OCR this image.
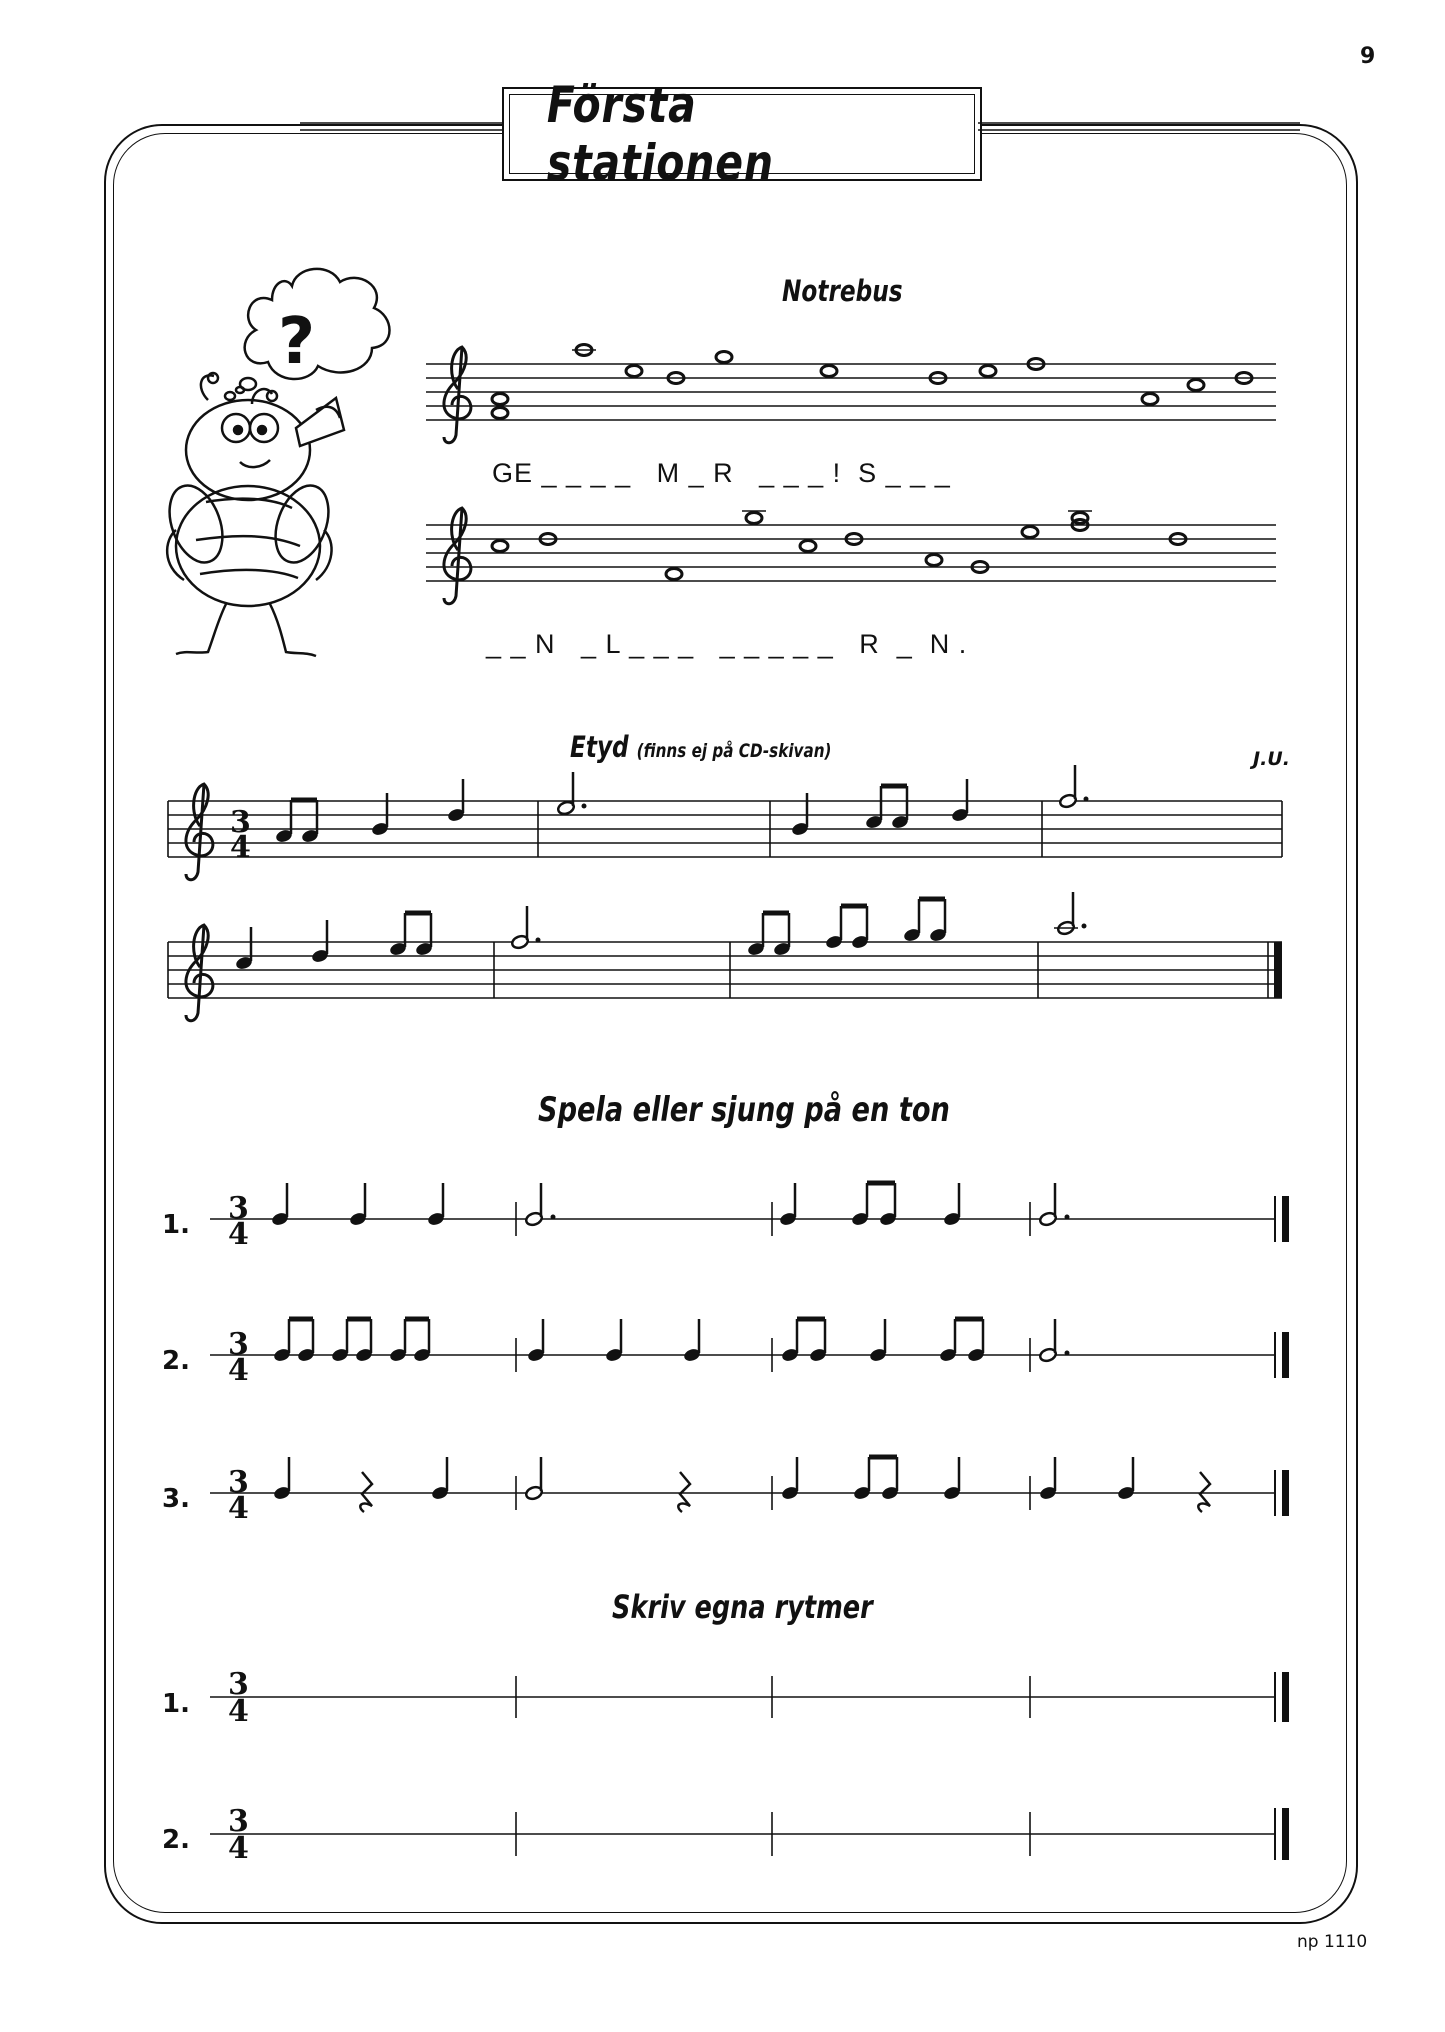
9
Första stationen
Notrebus
Etyd (finns ej på CD-skivan)	J.U.
Spela eller sjung på en ton
Skriv egna rytmer
GE _ _ _ _   M _ R   _ _ _ !  S _ _ _
_ _ N   _ L _ _ _   _ _ _ _ _   R  _  N .
1.
2.
3.
1.
2.
np 1110
?
3
4
3
4
3
4
3
4
3
4
3
4
